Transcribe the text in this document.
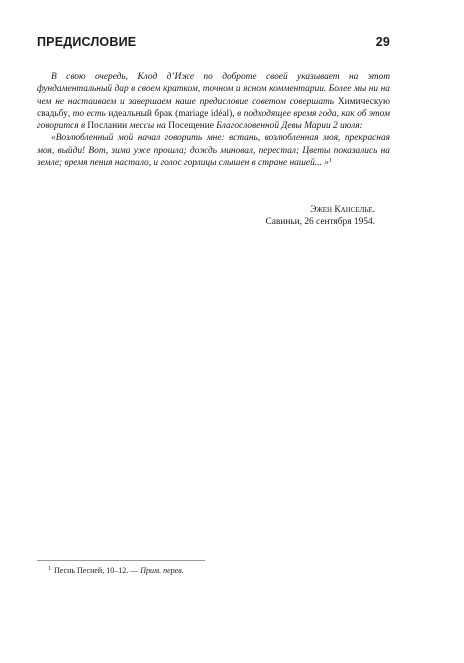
ПРЕДИСЛОВИЕ	29

В свою очередь, Клод д’Иже по доброте своей указывает на этот фундаментальный дар в своем кратком, точном и ясном комментарии. Более мы ни на чем не настаиваем и завершаем наше предисловие советом совершать Химическую свадьбу, то есть идеальный брак (mariage idéal), в подходящее время года, как об этом говорится в Послании мессы на Посещение Благословенной Девы Марии 2 июля:

«Возлюбленный мой начал говорить мне: встань, возлюбленная моя, прекрасная моя, выйди! Вот, зима уже прошла; дождь миновал, перестал; Цветы показались на земле; время пения настало, и голос горлицы слышен в стране нашей... »$^1$

Эжен Канселье.
Савиньи, 26 сентября 1954.
$^1$ Песнь Песней, 10–12. — Прим. перев.
